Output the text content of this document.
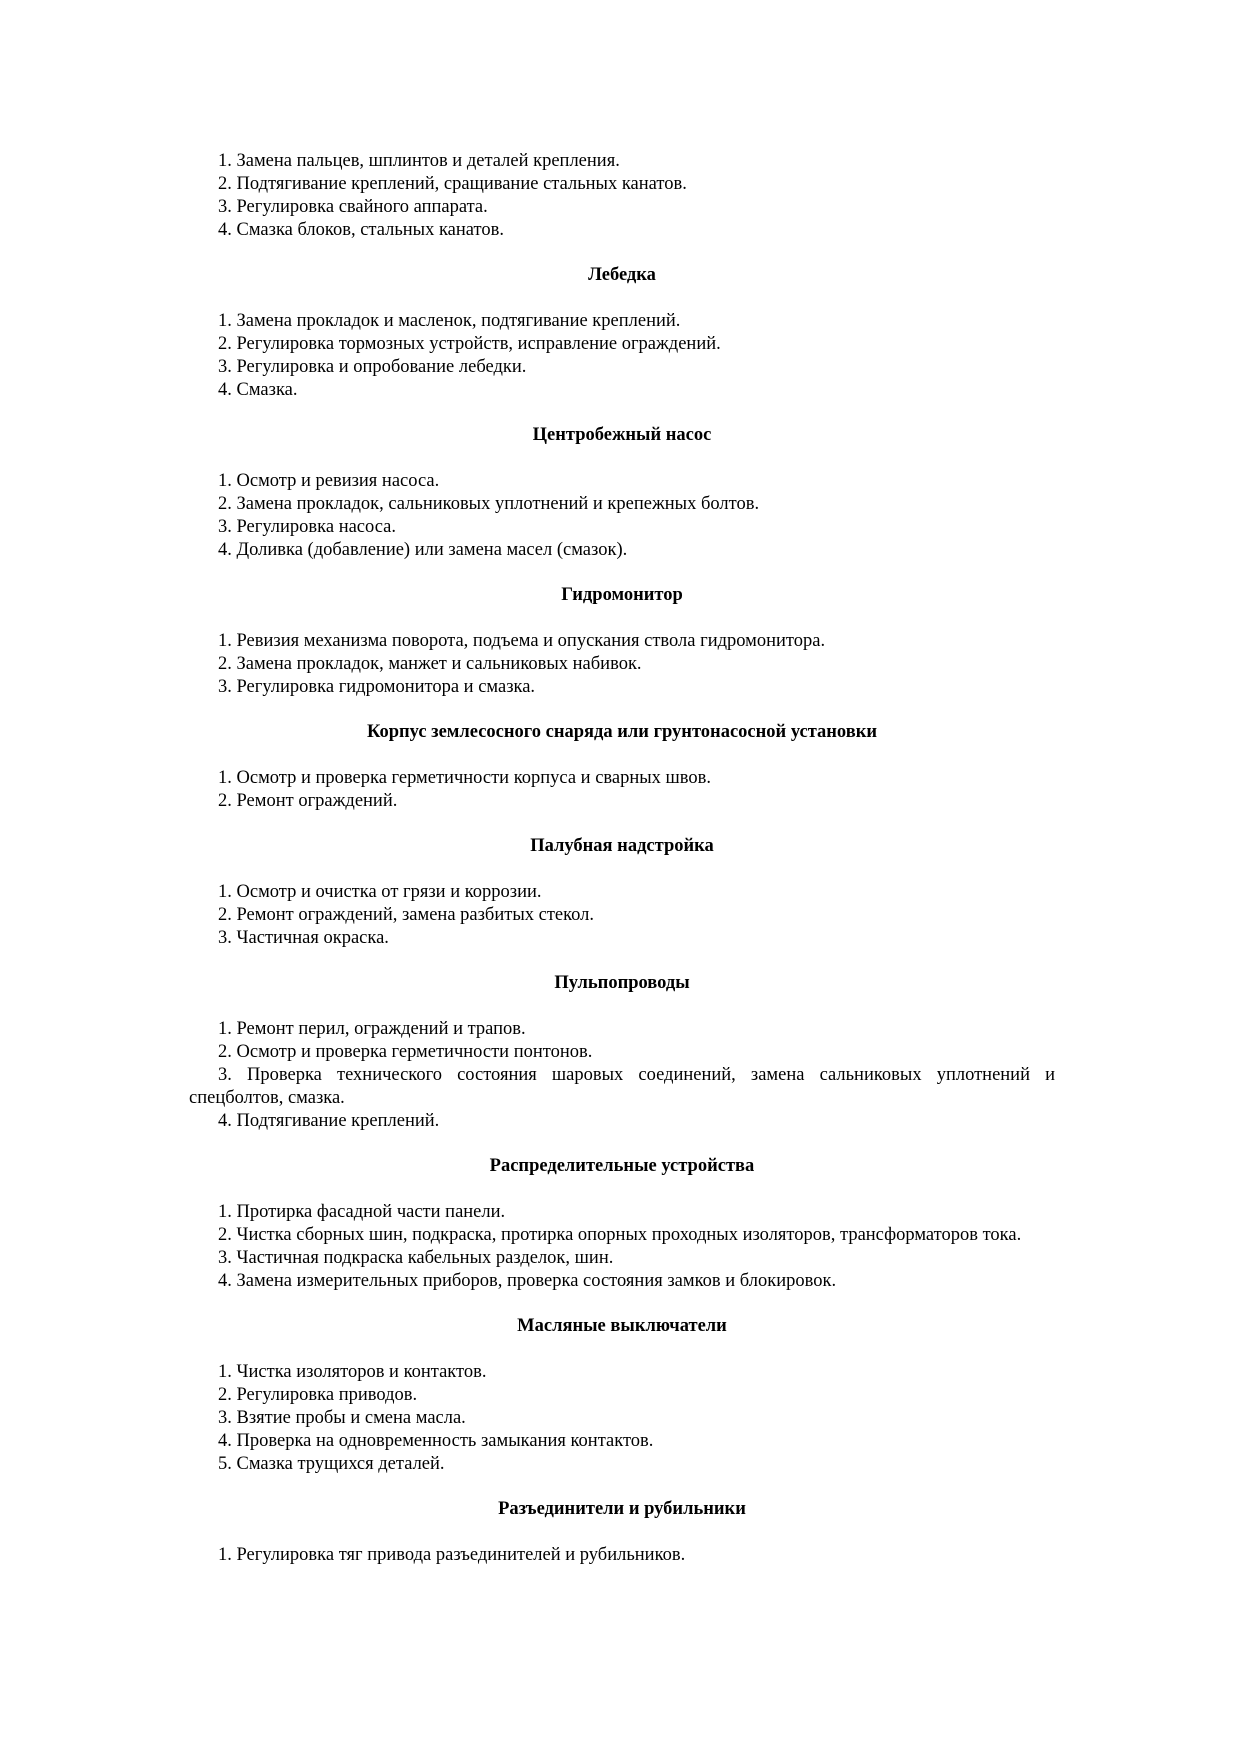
1. Замена пальцев, шплинтов и деталей крепления.

2. Подтягивание креплений, сращивание стальных канатов.

3. Регулировка свайного аппарата.

4. Смазка блоков, стальных канатов.

Лебедка

1. Замена прокладок и масленок, подтягивание креплений.

2. Регулировка тормозных устройств, исправление ограждений.

3. Регулировка и опробование лебедки.

4. Смазка.

Центробежный насос

1. Осмотр и ревизия насоса.

2. Замена прокладок, сальниковых уплотнений и крепежных болтов.

3. Регулировка насоса.

4. Доливка (добавление) или замена масел (смазок).

Гидромонитор

1. Ревизия механизма поворота, подъема и опускания ствола гидромонитора.

2. Замена прокладок, манжет и сальниковых набивок.

3. Регулировка гидромонитора и смазка.

Корпус землесосного снаряда или грунтонасосной установки

1. Осмотр и проверка герметичности корпуса и сварных швов.

2. Ремонт ограждений.

Палубная надстройка

1. Осмотр и очистка от грязи и коррозии.

2. Ремонт ограждений, замена разбитых стекол.

3. Частичная окраска.

Пульпопроводы

1. Ремонт перил, ограждений и трапов.

2. Осмотр и проверка герметичности понтонов.

3. Проверка технического состояния шаровых соединений, замена сальниковых уплотнений и спецболтов, смазка.

4. Подтягивание креплений.

Распределительные устройства

1. Протирка фасадной части панели.

2. Чистка сборных шин, подкраска, протирка опорных проходных изоляторов, трансформаторов тока.

3. Частичная подкраска кабельных разделок, шин.

4. Замена измерительных приборов, проверка состояния замков и блокировок.

Масляные выключатели

1. Чистка изоляторов и контактов.

2. Регулировка приводов.

3. Взятие пробы и смена масла.

4. Проверка на одновременность замыкания контактов.

5. Смазка трущихся деталей.

Разъединители и рубильники

1. Регулировка тяг привода разъединителей и рубильников.
